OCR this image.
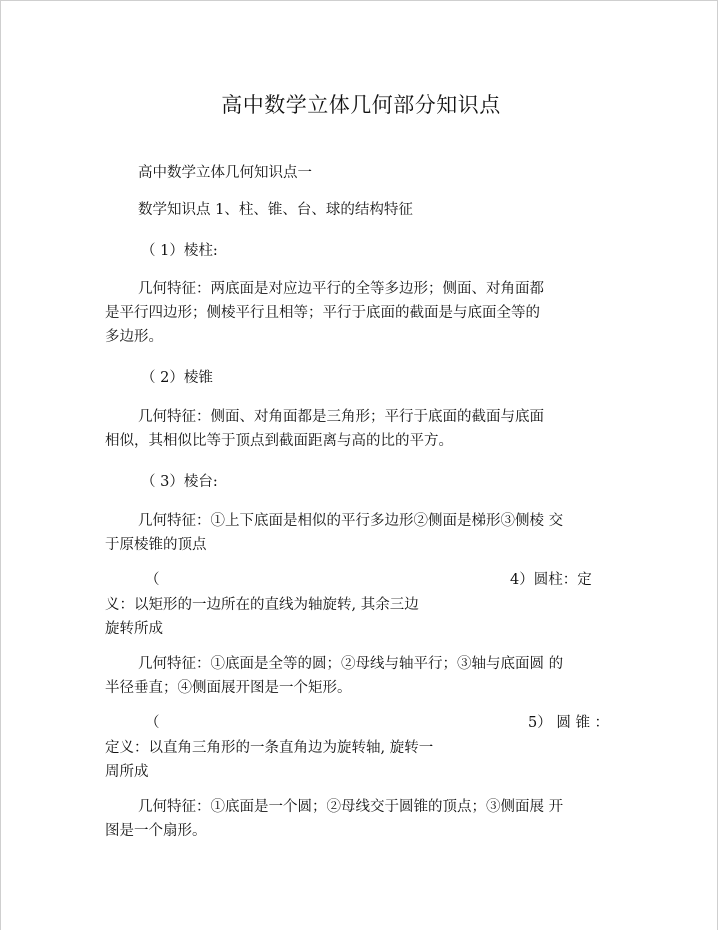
高中数学立体几何部分知识点
高中数学立体几何知识点一
数学知识点 1、柱、锥、台、球的结构特征
（ 1）棱柱:
几何特征：两底面是对应边平行的全等多边形；侧面、对角面都
是平行四边形；侧棱平行且相等；平行于底面的截面是与底面全等的
多边形。
（ 2）棱锥
几何特征：侧面、对角面都是三角形；平行于底面的截面与底面
相似，其相似比等于顶点到截面距离与高的比的平方。
（ 3）棱台:
几何特征：①上下底面是相似的平行多边形②侧面是梯形③侧棱 交
于原棱锥的顶点
（	4）圆柱：定
义：以矩形的一边所在的直线为轴旋转, 其余三边
旋转所成
几何特征：①底面是全等的圆；②母线与轴平行；③轴与底面圆 的
半径垂直；④侧面展开图是一个矩形。
（	5） 圆 锥 ：
定义：以直角三角形的一条直角边为旋转轴, 旋转一
周所成
几何特征：①底面是一个圆；②母线交于圆锥的顶点；③侧面展 开
图是一个扇形。
